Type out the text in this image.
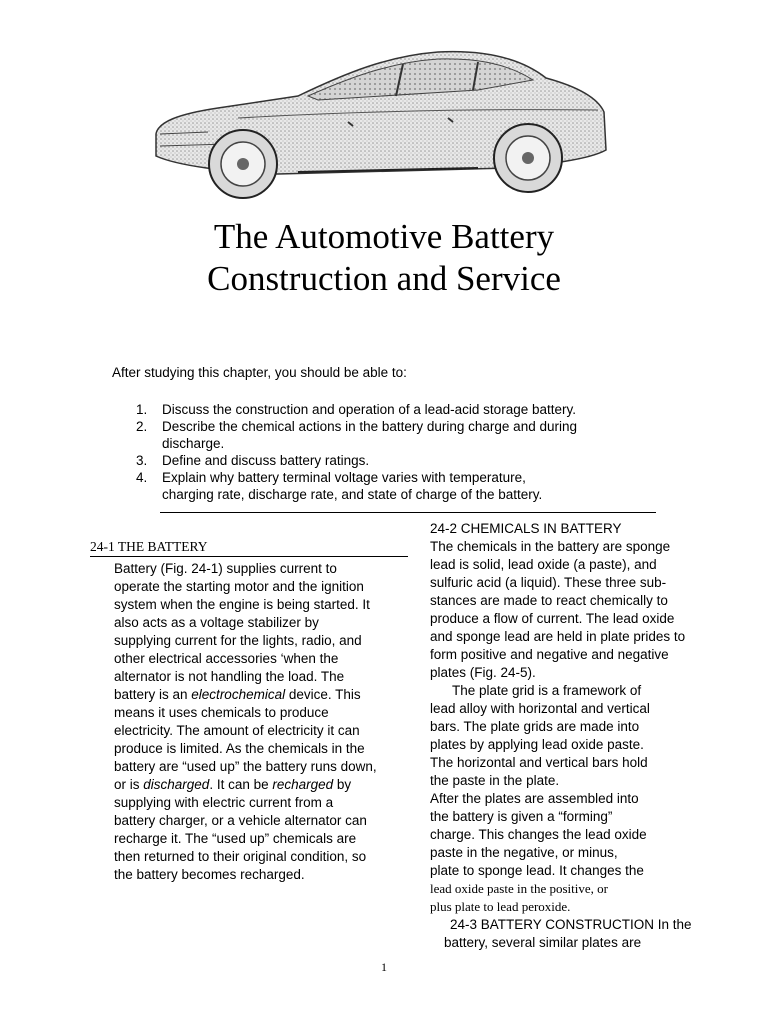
The Automotive Battery
Construction and Service
After studying this chapter, you should be able to:
1. Discuss the construction and operation of a lead-acid storage battery.
2. Describe the chemical actions in the battery during charge and during
discharge.
3. Define and discuss battery ratings.
4. Explain why battery terminal voltage varies with temperature,
charging rate, discharge rate, and state of charge of the battery.
24-1 THE BATTERY
Battery (Fig. 24-1) supplies current to
operate the starting motor and the ignition
system when the engine is being started. It
also acts as a voltage stabilizer by
supplying current for the lights, radio, and
other electrical accessories ‘when the
alternator is not handling the load. The
battery is an electrochemical device. This
means it uses chemicals to produce
electricity. The amount of electricity it can
produce is limited. As the chemicals in the
battery are “used up” the battery runs down,
or is discharged. It can be recharged by
supplying with electric current from a
battery charger, or a vehicle alternator can
recharge it. The “used up” chemicals are
then returned to their original condition, so
the battery becomes recharged.
24-2 CHEMICALS IN BATTERY
The chemicals in the battery are sponge
lead is solid, lead oxide (a paste), and
sulfuric acid (a liquid). These three sub-
stances are made to react chemically to
produce a flow of current. The lead oxide
and sponge lead are held in plate prides to
form positive and negative and negative
plates (Fig. 24-5).
The plate grid is a framework of
lead alloy with horizontal and vertical
bars. The plate grids are made into
plates by applying lead oxide paste.
The horizontal and vertical bars hold
the paste in the plate.
After the plates are assembled into
the battery is given a “forming”
charge. This changes the lead oxide
paste in the negative, or minus,
plate to sponge lead. It changes the
lead oxide paste in the positive, or
plus plate to lead peroxide.
24-3 BATTERY CONSTRUCTION In the
battery, several similar plates are
1
